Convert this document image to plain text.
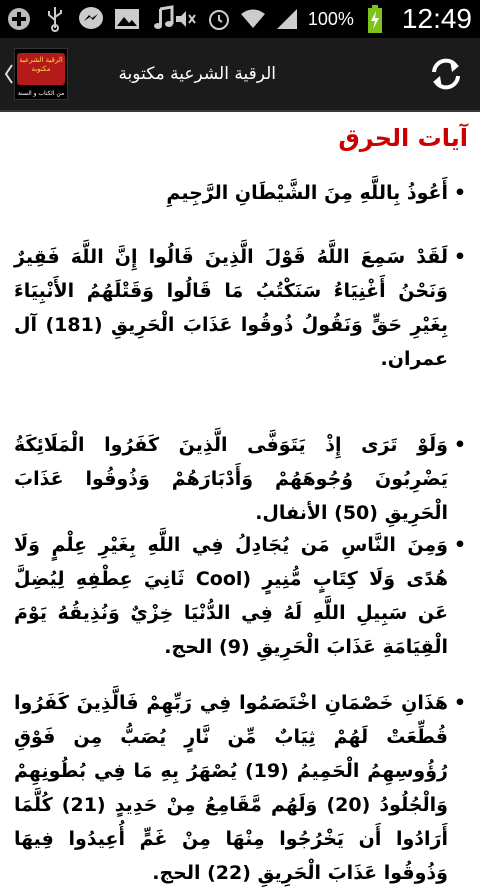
100% 12:49
الرقية الشرعية مكتوبة
من الكتاب و السنة
الرقية الشرعية مكتوبة
آيات الحرق

• أَعُوذُ بِاللَّهِ مِنَ الشَّيْطَانِ الرَّجِيمِ

• لَقَدْ سَمِعَ اللَّهُ قَوْلَ الَّذِينَ قَالُوا إِنَّ اللَّهَ فَقِيرٌ وَنَحْنُ أَغْنِيَاءُ سَنَكْتُبُ مَا قَالُوا وَقَتْلَهُمُ الأَنْبِيَاءَ بِغَيْرِ حَقٍّ وَنَقُولُ ذُوقُوا عَذَابَ الْحَرِيقِ (181) آل عمران.

• وَلَوْ تَرَى إِذْ يَتَوَفَّى الَّذِينَ كَفَرُوا الْمَلَائِكَةُ يَضْرِبُونَ وُجُوهَهُمْ وَأَدْبَارَهُمْ وَذُوقُوا عَذَابَ الْحَرِيقِ (50) الأنفال.

• وَمِنَ النَّاسِ مَن يُجَادِلُ فِي اللَّهِ بِغَيْرِ عِلْمٍ وَلَا هُدًى وَلَا كِتَابٍ مُّنِيرٍ (Cool ثَانِيَ عِطْفِهِ لِيُضِلَّ عَن سَبِيلِ اللَّهِ لَهُ فِي الدُّنْيَا خِزْيٌ وَنُذِيقُهُ يَوْمَ الْقِيَامَةِ عَذَابَ الْحَرِيقِ (9) الحج.

• هَذَانِ خَصْمَانِ اخْتَصَمُوا فِي رَبِّهِمْ فَالَّذِينَ كَفَرُوا قُطِّعَتْ لَهُمْ ثِيَابٌ مِّن نَّارٍ يُصَبُّ مِن فَوْقِ رُؤُوسِهِمُ الْحَمِيمُ (19) يُصْهَرُ بِهِ مَا فِي بُطُونِهِمْ وَالْجُلُودُ (20) وَلَهُم مَّقَامِعُ مِنْ حَدِيدٍ (21) كُلَّمَا أَرَادُوا أَن يَخْرُجُوا مِنْهَا مِنْ غَمٍّ أُعِيدُوا فِيهَا وَذُوقُوا عَذَابَ الْحَرِيقِ (22) الحج.
